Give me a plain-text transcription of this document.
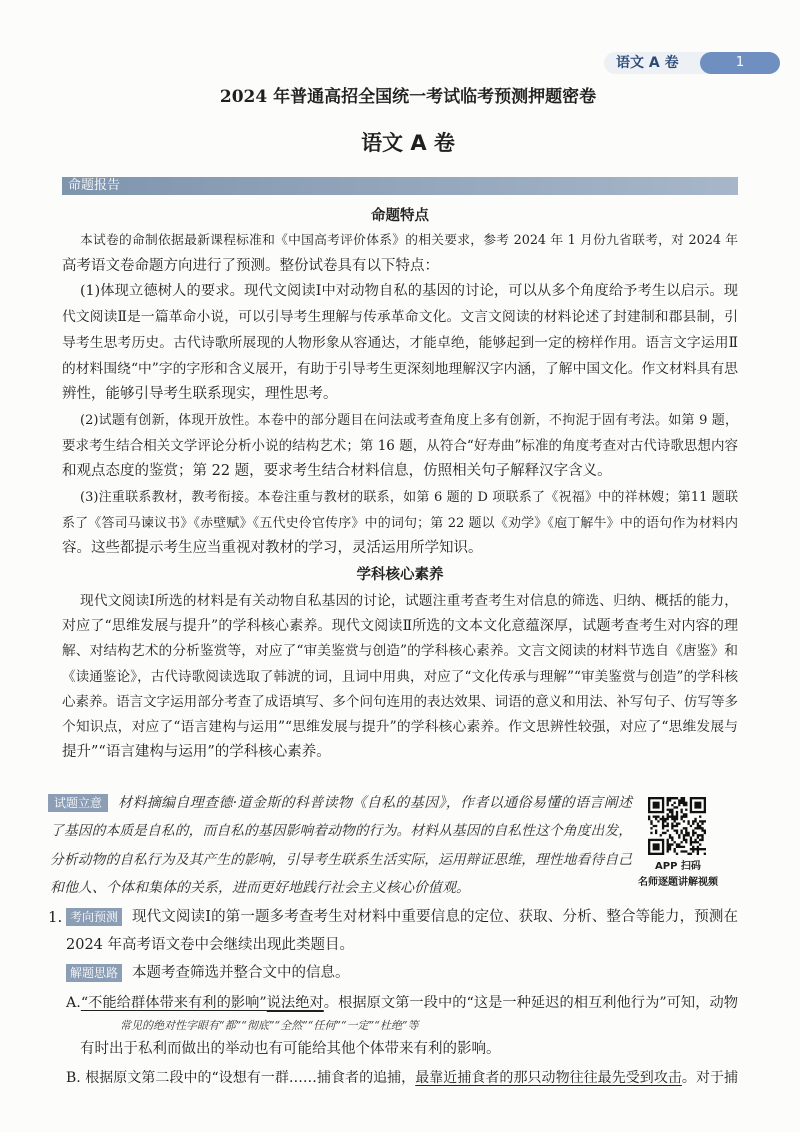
语文 A 卷	1
2024 年普通高招全国统一考试临考预测押题密卷
语文 A 卷
命题报告
命题特点
本试卷的命制依据最新课程标准和《中国高考评价体系》的相关要求，参考 2024 年 1 月份九省联考，对 2024 年
高考语文卷命题方向进行了预测。整份试卷具有以下特点：
(1)体现立德树人的要求。现代文阅读Ⅰ中对动物自私的基因的讨论，可以从多个角度给予考生以启示。现
代文阅读Ⅱ是一篇革命小说，可以引导考生理解与传承革命文化。文言文阅读的材料论述了封建制和郡县制，引
导考生思考历史。古代诗歌所展现的人物形象从容通达，才能卓绝，能够起到一定的榜样作用。语言文字运用Ⅱ
的材料围绕“中”字的字形和含义展开，有助于引导考生更深刻地理解汉字内涵，了解中国文化。作文材料具有思
辨性，能够引导考生联系现实，理性思考。
(2)试题有创新，体现开放性。本卷中的部分题目在问法或考查角度上多有创新，不拘泥于固有考法。如第 9 题，
要求考生结合相关文学评论分析小说的结构艺术；第 16 题，从符合“好寿曲”标准的角度考查对古代诗歌思想内容
和观点态度的鉴赏；第 22 题，要求考生结合材料信息，仿照相关句子解释汉字含义。
(3)注重联系教材，教考衔接。本卷注重与教材的联系，如第 6 题的 D 项联系了《祝福》中的祥林嫂；第11 题联
系了《答司马谏议书》《赤壁赋》《五代史伶官传序》中的词句；第 22 题以《劝学》《庖丁解牛》中的语句作为材料内
容。这些都提示考生应当重视对教材的学习，灵活运用所学知识。
学科核心素养
现代文阅读Ⅰ所选的材料是有关动物自私基因的讨论，试题注重考查考生对信息的筛选、归纳、概括的能力，
对应了“思维发展与提升”的学科核心素养。现代文阅读Ⅱ所选的文本文化意蕴深厚，试题考查考生对内容的理
解、对结构艺术的分析鉴赏等，对应了“审美鉴赏与创造”的学科核心素养。文言文阅读的材料节选自《唐鉴》和
《读通鉴论》，古代诗歌阅读选取了韩淲的词，且词中用典，对应了“文化传承与理解”“审美鉴赏与创造”的学科核
心素养。语言文字运用部分考查了成语填写、多个问句连用的表达效果、词语的意义和用法、补写句子、仿写等多
个知识点，对应了“语言建构与运用”“思维发展与提升”的学科核心素养。作文思辨性较强，对应了“思维发展与
提升”“语言建构与运用”的学科核心素养。
试题立意	材料摘编自理查德·道金斯的科普读物《自私的基因》，作者以通俗易懂的语言阐述
了基因的本质是自私的，而自私的基因影响着动物的行为。材料从基因的自私性这个角度出发，
分析动物的自私行为及其产生的影响，引导考生联系生活实际，运用辩证思维，理性地看待自己
和他人、个体和集体的关系，进而更好地践行社会主义核心价值观。
APP 扫码
名师逐题讲解视频
1. 考向预测 现代文阅读Ⅰ的第一题多考查考生对材料中重要信息的定位、获取、分析、整合等能力，预测在
2024 年高考语文卷中会继续出现此类题目。
解题思路 本题考查筛选并整合文中的信息。
A.“不能给群体带来有利的影响”说法绝对。根据原文第一段中的“这是一种延迟的相互利他行为”可知，动物
常见的绝对性字眼有“都”“彻底”“全然”“任何”“一定”“杜绝”等
有时出于私利而做出的举动也有可能给其他个体带来有利的影响。
B. 根据原文第二段中的“设想有一群……捕食者的追捕，最靠近捕食者的那只动物往往最先受到攻击。对于捕
